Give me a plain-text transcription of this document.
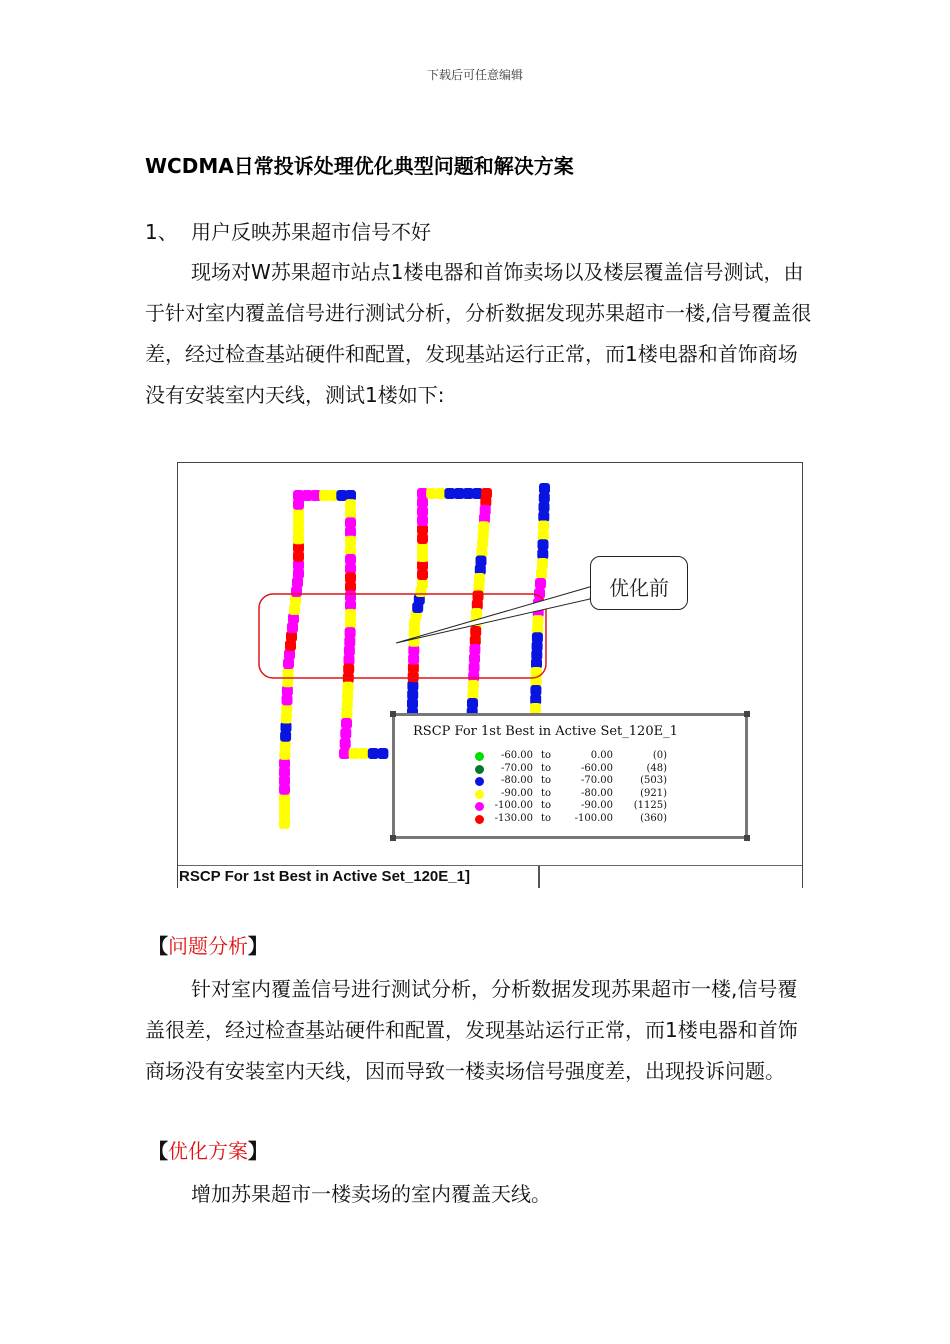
下载后可任意编辑
WCDMA日常投诉处理优化典型问题和解决方案
1、 用户反映苏果超市信号不好
现场对W苏果超市站点1楼电器和首饰卖场以及楼层覆盖信号测试，由于针对室内覆盖信号进行测试分析，分析数据发现苏果超市一楼,信号覆盖很差，经过检查基站硬件和配置，发现基站运行正常，而1楼电器和首饰商场没有安装室内天线，测试1楼如下:
优化前
RSCP For 1st Best in Active Set_120E_1
-60.00 to	0.00	(0)
-70.00 to	-60.00	(48)
-80.00 to	-70.00	(503)
-90.00 to	-80.00	(921)
-100.00 to	-90.00	(1125)
-130.00 to	-100.00	(360)
RSCP For 1st Best in Active Set_120E_1]
【问题分析】
针对室内覆盖信号进行测试分析，分析数据发现苏果超市一楼,信号覆盖很差，经过检查基站硬件和配置，发现基站运行正常，而1楼电器和首饰商场没有安装室内天线，因而导致一楼卖场信号强度差，出现投诉问题。
【优化方案】
增加苏果超市一楼卖场的室内覆盖天线。
